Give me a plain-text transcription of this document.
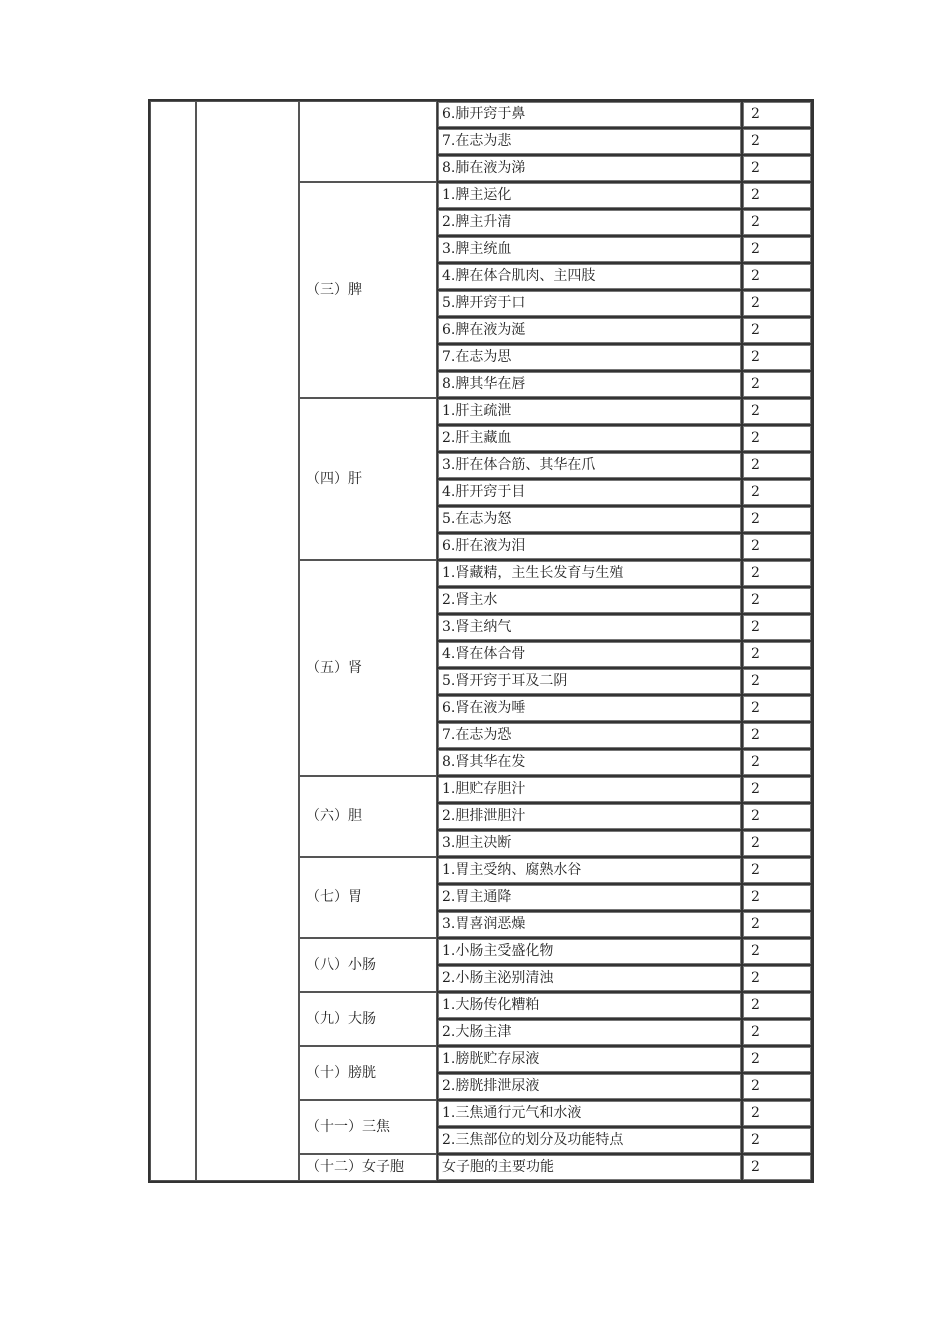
			6.肺开窍于鼻	2
			7.在志为悲	2
			8.肺在液为涕	2
		（三）脾	1.脾主运化	2
			2.脾主升清	2
			3.脾主统血	2
			4.脾在体合肌肉、主四肢	2
			5.脾开窍于口	2
			6.脾在液为涎	2
			7.在志为思	2
			8.脾其华在唇	2
		（四）肝	1.肝主疏泄	2
			2.肝主藏血	2
			3.肝在体合筋、其华在爪	2
			4.肝开窍于目	2
			5.在志为怒	2
			6.肝在液为泪	2
		（五）肾	1.肾藏精，主生长发育与生殖	2
			2.肾主水	2
			3.肾主纳气	2
			4.肾在体合骨	2
			5.肾开窍于耳及二阴	2
			6.肾在液为唾	2
			7.在志为恐	2
			8.肾其华在发	2
		（六）胆	1.胆贮存胆汁	2
			2.胆排泄胆汁	2
			3.胆主决断	2
		（七）胃	1.胃主受纳、腐熟水谷	2
			2.胃主通降	2
			3.胃喜润恶燥	2
		（八）小肠	1.小肠主受盛化物	2
			2.小肠主泌别清浊	2
		（九）大肠	1.大肠传化糟粕	2
			2.大肠主津	2
		（十）膀胱	1.膀胱贮存尿液	2
			2.膀胱排泄尿液	2
		（十一）三焦	1.三焦通行元气和水液	2
			2.三焦部位的划分及功能特点	2
		（十二）女子胞	女子胞的主要功能	2
